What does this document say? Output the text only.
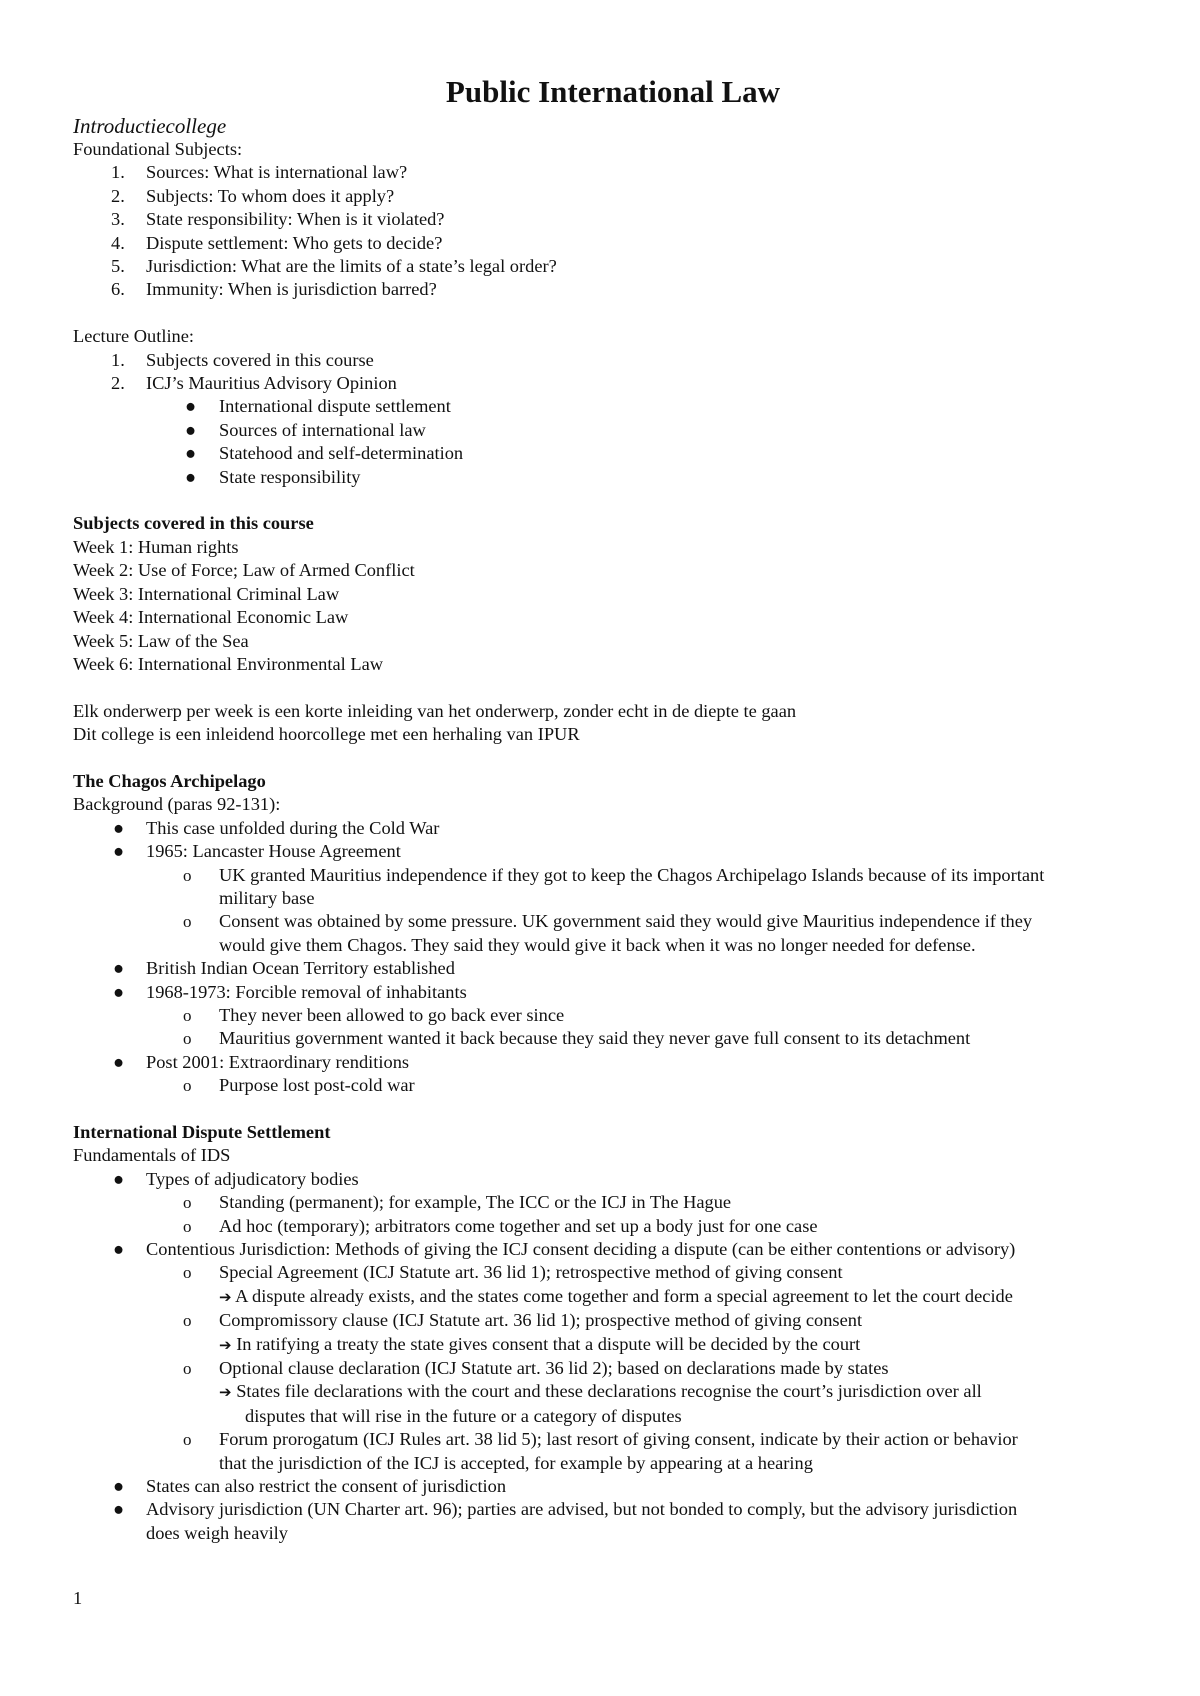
Public International Law
Introductiecollege
Foundational Subjects:
1. Sources: What is international law?
2. Subjects: To whom does it apply?
3. State responsibility: When is it violated?
4. Dispute settlement: Who gets to decide?
5. Jurisdiction: What are the limits of a state’s legal order?
6. Immunity: When is jurisdiction barred?
Lecture Outline:
1. Subjects covered in this course
2. ICJ’s Mauritius Advisory Opinion
● International dispute settlement
● Sources of international law
● Statehood and self-determination
● State responsibility
Subjects covered in this course
Week 1: Human rights
Week 2: Use of Force; Law of Armed Conflict
Week 3: International Criminal Law
Week 4: International Economic Law
Week 5: Law of the Sea
Week 6: International Environmental Law
Elk onderwerp per week is een korte inleiding van het onderwerp, zonder echt in de diepte te gaan
Dit college is een inleidend hoorcollege met een herhaling van IPUR
The Chagos Archipelago
Background (paras 92-131):
● This case unfolded during the Cold War
● 1965: Lancaster House Agreement
o UK granted Mauritius independence if they got to keep the Chagos Archipelago Islands because of its important
military base
o Consent was obtained by some pressure. UK government said they would give Mauritius independence if they
would give them Chagos. They said they would give it back when it was no longer needed for defense.
● British Indian Ocean Territory established
● 1968-1973: Forcible removal of inhabitants
o They never been allowed to go back ever since
o Mauritius government wanted it back because they said they never gave full consent to its detachment
● Post 2001: Extraordinary renditions
o Purpose lost post-cold war
International Dispute Settlement
Fundamentals of IDS
● Types of adjudicatory bodies
o Standing (permanent); for example, The ICC or the ICJ in The Hague
o Ad hoc (temporary); arbitrators come together and set up a body just for one case
● Contentious Jurisdiction: Methods of giving the ICJ consent deciding a dispute (can be either contentions or advisory)
o Special Agreement (ICJ Statute art. 36 lid 1); retrospective method of giving consent
➔ A dispute already exists, and the states come together and form a special agreement to let the court decide
o Compromissory clause (ICJ Statute art. 36 lid 1); prospective method of giving consent
➔ In ratifying a treaty the state gives consent that a dispute will be decided by the court
o Optional clause declaration (ICJ Statute art. 36 lid 2); based on declarations made by states
➔ States file declarations with the court and these declarations recognise the court’s jurisdiction over all
disputes that will rise in the future or a category of disputes
o Forum prorogatum (ICJ Rules art. 38 lid 5); last resort of giving consent, indicate by their action or behavior
that the jurisdiction of the ICJ is accepted, for example by appearing at a hearing
● States can also restrict the consent of jurisdiction
● Advisory jurisdiction (UN Charter art. 96); parties are advised, but not bonded to comply, but the advisory jurisdiction
does weigh heavily
1
